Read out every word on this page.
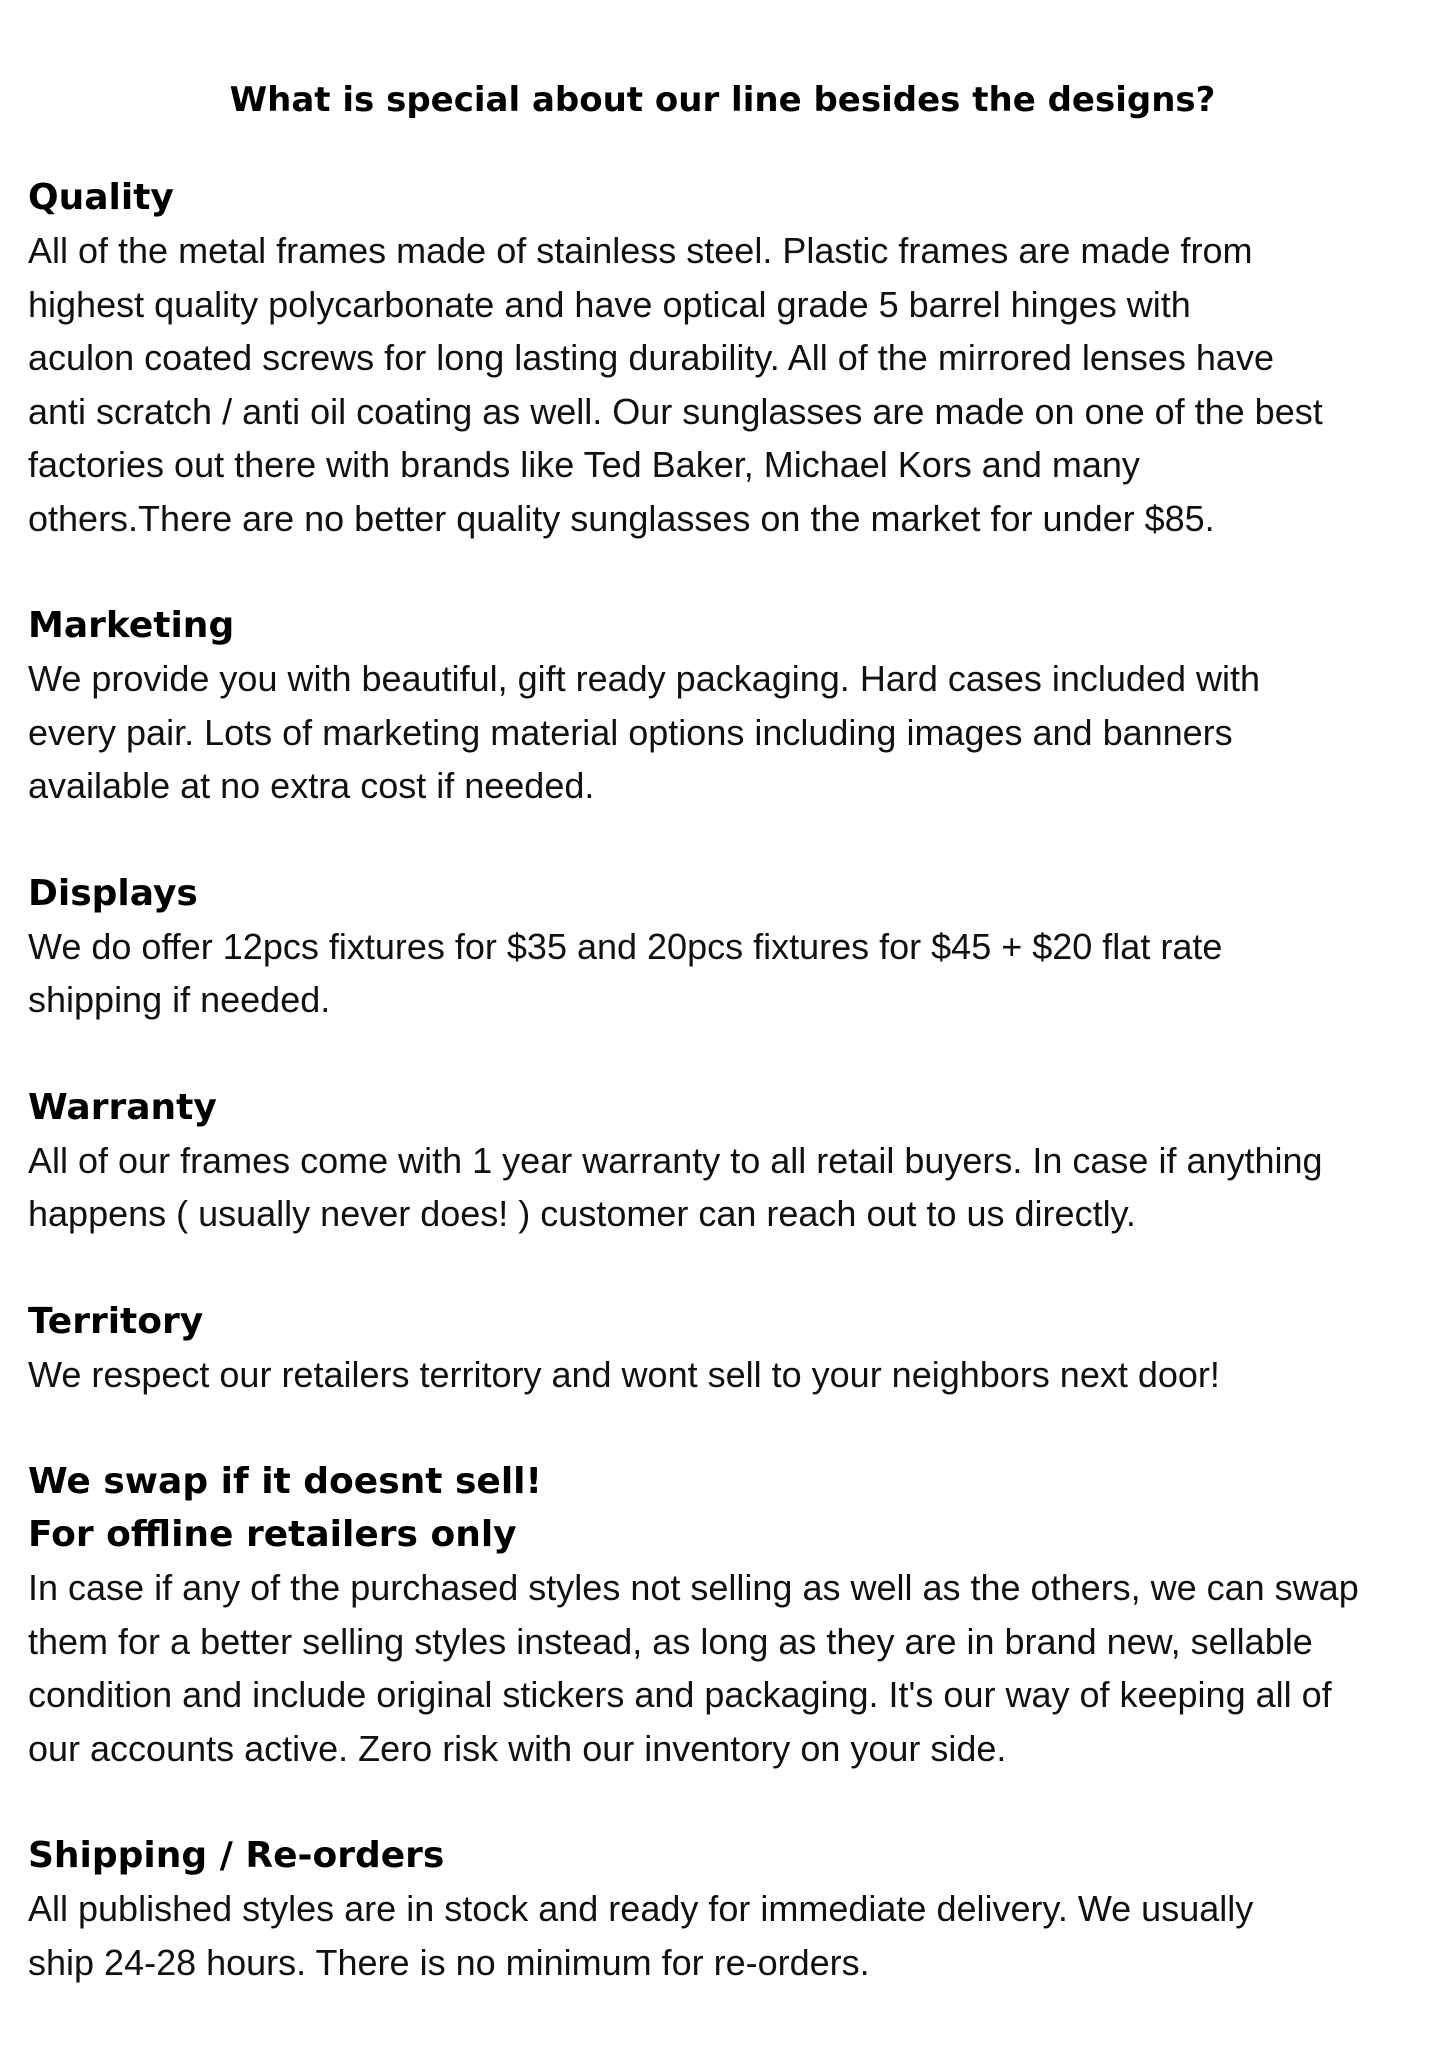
What is special about our line besides the designs?
Quality

All of the metal frames made of stainless steel. Plastic frames are made from
highest quality polycarbonate and have optical grade 5 barrel hinges with
aculon coated screws for long lasting durability. All of the mirrored lenses have
anti scratch / anti oil coating as well. Our sunglasses are made on one of the best
factories out there with brands like Ted Baker, Michael Kors and many
others.There are no better quality sunglasses on the market for under $85.

Marketing

We provide you with beautiful, gift ready packaging. Hard cases included with
every pair. Lots of marketing material options including images and banners
available at no extra cost if needed.

Displays

We do offer 12pcs fixtures for $35 and 20pcs fixtures for $45 + $20 flat rate
shipping if needed.

Warranty

All of our frames come with 1 year warranty to all retail buyers. In case if anything
happens ( usually never does! ) customer can reach out to us directly.

Territory

We respect our retailers territory and wont sell to your neighbors next door!

We swap if it doesnt sell!
For offline retailers only

In case if any of the purchased styles not selling as well as the others, we can swap
them for a better selling styles instead, as long as they are in brand new, sellable
condition and include original stickers and packaging. It's our way of keeping all of
our accounts active. Zero risk with our inventory on your side.

Shipping / Re-orders

All published styles are in stock and ready for immediate delivery. We usually
ship 24-28 hours. There is no minimum for re-orders.
